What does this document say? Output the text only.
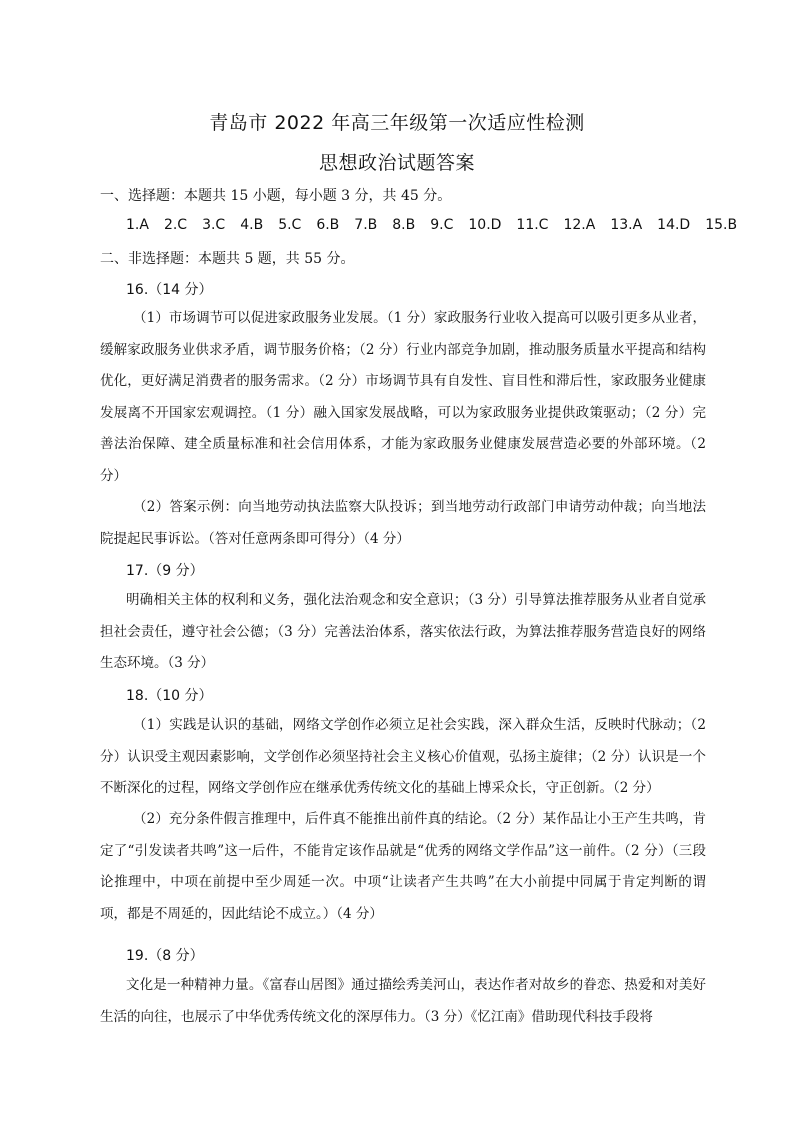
青岛市 2022 年高三年级第一次适应性检测
思想政治试题答案
一、选择题：本题共 15 小题，每小题 3 分，共 45 分。
1.A 2.C 3.C 4.B 5.C 6.B 7.B 8.B 9.C 10.D 11.C 12.A 13.A 14.D 15.B
二、非选择题：本题共 5 题，共 55 分。
16.（14 分）

（1）市场调节可以促进家政服务业发展。（1 分）家政服务行业收入提高可以吸引更多从业者，缓解家政服务业供求矛盾，调节服务价格；（2 分）行业内部竞争加剧，推动服务质量水平提高和结构优化，更好满足消费者的服务需求。（2 分）市场调节具有自发性、盲目性和滞后性，家政服务业健康发展离不开国家宏观调控。（1 分）融入国家发展战略，可以为家政服务业提供政策驱动；（2 分）完善法治保障、建全质量标准和社会信用体系，才能为家政服务业健康发展营造必要的外部环境。（2 分）

（2）答案示例：向当地劳动执法监察大队投诉；到当地劳动行政部门申请劳动仲裁；向当地法院提起民事诉讼。（答对任意两条即可得分）（4 分）

17.（9 分）

明确相关主体的权利和义务，强化法治观念和安全意识；（3 分）引导算法推荐服务从业者自觉承担社会责任，遵守社会公德；（3 分）完善法治体系，落实依法行政，为算法推荐服务营造良好的网络生态环境。（3 分）

18.（10 分）

（1）实践是认识的基础，网络文学创作必须立足社会实践，深入群众生活，反映时代脉动；（2 分）认识受主观因素影响，文学创作必须坚持社会主义核心价值观，弘扬主旋律；（2 分）认识是一个不断深化的过程，网络文学创作应在继承优秀传统文化的基础上博采众长，守正创新。（2 分）

（2）充分条件假言推理中，后件真不能推出前件真的结论。（2 分）某作品让小王产生共鸣，肯定了“引发读者共鸣”这一后件，不能肯定该作品就是“优秀的网络文学作品”这一前件。（2 分）（三段论推理中，中项在前提中至少周延一次。中项“让读者产生共鸣”在大小前提中同属于肯定判断的谓项，都是不周延的，因此结论不成立。）（4 分）

19.（8 分）

文化是一种精神力量。《富春山居图》通过描绘秀美河山，表达作者对故乡的眷恋、热爱和对美好生活的向往，也展示了中华优秀传统文化的深厚伟力。（3 分）《忆江南》借助现代科技手段将
